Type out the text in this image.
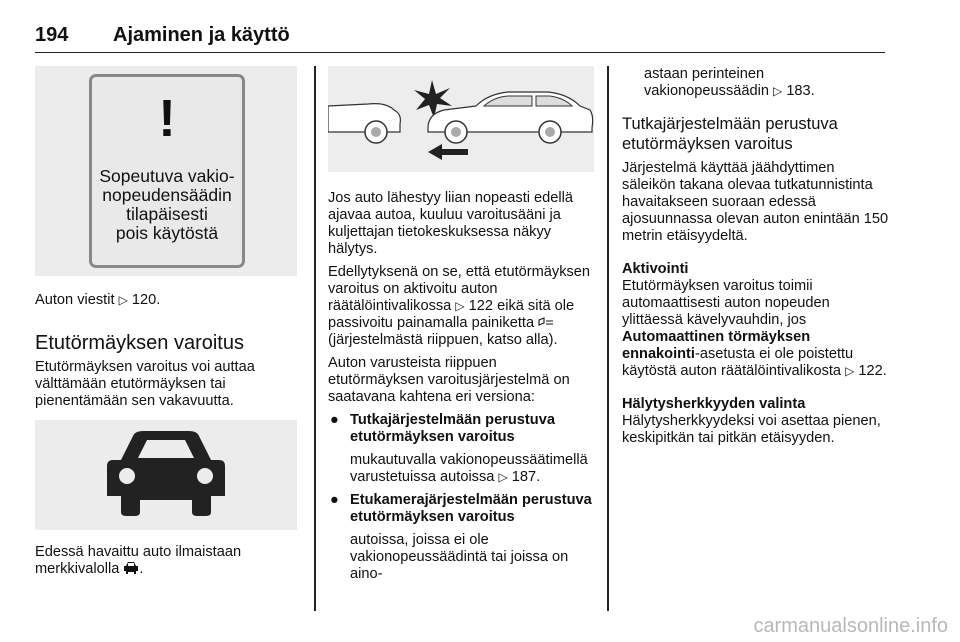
194 Ajaminen ja käyttö
!
Sopeutuva vakio-
nopeudensäädin
tilapäisesti
pois käytöstä

Auton viestit ▷ 120.

Etutörmäyksen varoitus

Etutörmäyksen varoitus voi auttaa välttämään etutörmäyksen tai pienentämään sen vakavuutta.

Edessä havaittu auto ilmaistaan merkkivalolla .

Jos auto lähestyy liian nopeasti edellä ajavaa autoa, kuuluu varoitusääni ja kuljettajan tietokeskuksessa näkyy hälytys.

Edellytyksenä on se, että etutörmäyksen varoitus on aktivoitu auton räätälöintivalikossa ▷ 122 eikä sitä ole passivoitu painamalla painiketta  (järjestelmästä riippuen, katso alla).

Auton varusteista riippuen etutörmäyksen varoitusjärjestelmä on saatavana kahtena eri versiona:

● Tutkajärjestelmään perustuva etutörmäyksen varoitus

mukautuvalla vakionopeussäätimellä varustetuissa autoissa ▷ 187.

● Etukamerajärjestelmään perustuva etutörmäyksen varoitus

autoissa, joissa ei ole vakionopeussäädintä tai joissa on aino-

astaan perinteinen vakionopeussäädin ▷ 183.

Tutkajärjestelmään perustuva etutörmäyksen varoitus

Järjestelmä käyttää jäähdyttimen säleikön takana olevaa tutkatunnistinta havaitakseen suoraan edessä ajosuunnassa olevan auton enintään 150 metrin etäisyydeltä.

Aktivointi

Etutörmäyksen varoitus toimii automaattisesti auton nopeuden ylittäessä kävelyvauhdin, jos Automaattinen törmäyksen ennakointi-asetusta ei ole poistettu käytöstä auton räätälöintivalikosta ▷ 122.

Hälytysherkkyyden valinta

Hälytysherkkyydeksi voi asettaa pienen, keskipitkän tai pitkän etäisyyden.

carmanualsonline.info
